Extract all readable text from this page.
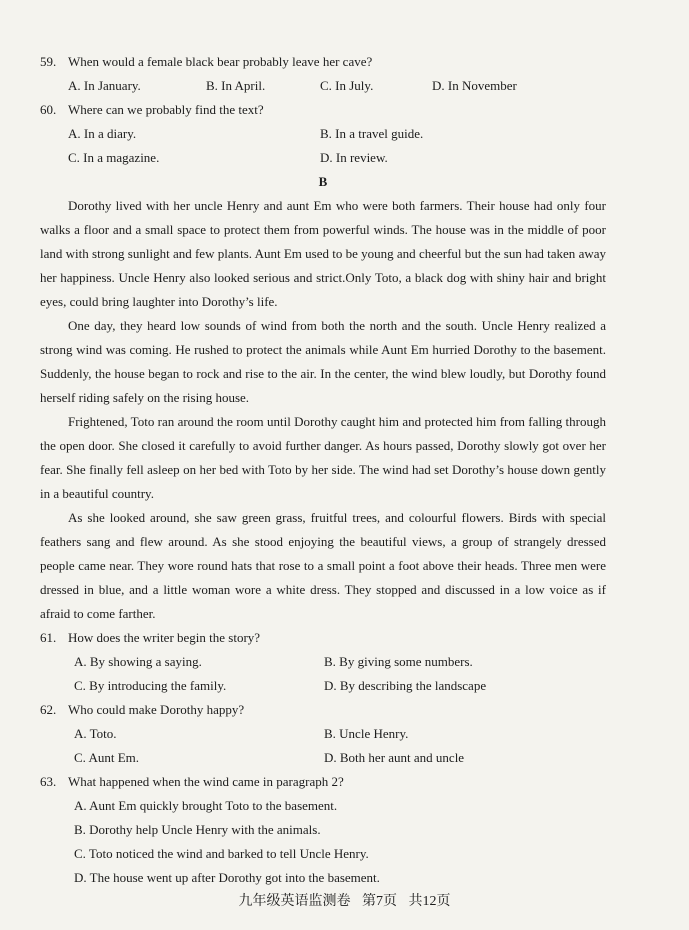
59. When would a female black bear probably leave her cave?
A. In January.	B. In April.	C. In July.	D. In November
60. Where can we probably find the text?
A. In a diary.	B. In a travel guide.
C. In a magazine.	D. In review.
B

Dorothy lived with her uncle Henry and aunt Em who were both farmers. Their house had only four walks a floor and a small space to protect them from powerful winds. The house was in the middle of poor land with strong sunlight and few plants. Aunt Em used to be young and cheerful but the sun had taken away her happiness. Uncle Henry also looked serious and strict.Only Toto, a black dog with shiny hair and bright eyes, could bring laughter into Dorothy’s life.

One day, they heard low sounds of wind from both the north and the south. Uncle Henry realized a strong wind was coming. He rushed to protect the animals while Aunt Em hurried Dorothy to the basement. Suddenly, the house began to rock and rise to the air. In the center, the wind blew loudly, but Dorothy found herself riding safely on the rising house.

Frightened, Toto ran around the room until Dorothy caught him and protected him from falling through the open door. She closed it carefully to avoid further danger. As hours passed, Dorothy slowly got over her fear. She finally fell asleep on her bed with Toto by her side. The wind had set Dorothy’s house down gently in a beautiful country.

As she looked around, she saw green grass, fruitful trees, and colourful flowers. Birds with special feathers sang and flew around. As she stood enjoying the beautiful views, a group of strangely dressed people came near. They wore round hats that rose to a small point a foot above their heads. Three men were dressed in blue, and a little woman wore a white dress. They stopped and discussed in a low voice as if afraid to come farther.

61. How does the writer begin the story?
A. By showing a saying.	B. By giving some numbers.
C. By introducing the family.	D. By describing the landscape
62. Who could make Dorothy happy?
A. Toto.	B. Uncle Henry.
C. Aunt Em.	D. Both her aunt and uncle
63. What happened when the wind came in paragraph 2?
A. Aunt Em quickly brought Toto to the basement.
B. Dorothy help Uncle Henry with the animals.
C. Toto noticed the wind and barked to tell Uncle Henry.
D. The house went up after Dorothy got into the basement.
九年级英语监测卷 第7页 共12页
